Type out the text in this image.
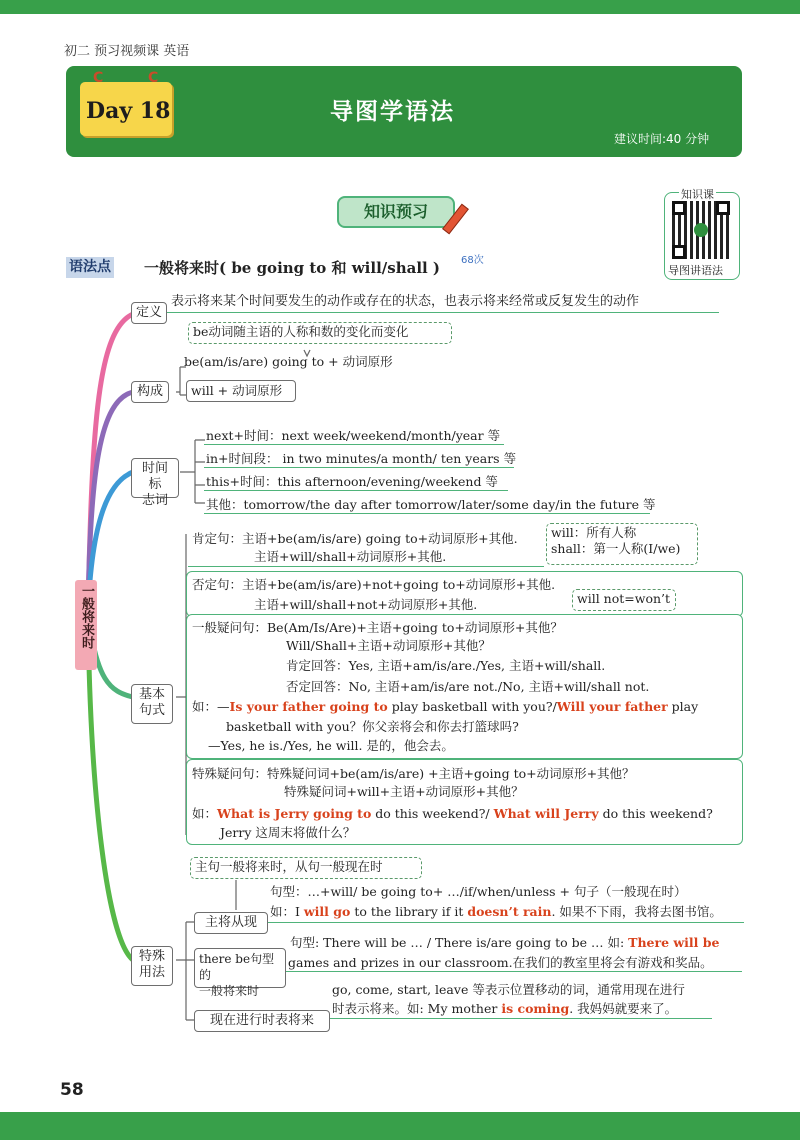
初二 预习视频课 英语
C	C
Day 18	导图学语法
建议时间:40 分钟
知识预习
知识课
导图讲语法
语法点 一般将来时( be going to 和 will/shall ) 68次
一般将来时
定义
表示将来某个时间要发生的动作或存在的状态，也表示将来经常或反复发生的动作
be动词随主语的人称和数的变化而变化
be(am/is/are) going to + 动词原形
构成	will + 动词原形
时间标
志词
next+时间：next week/weekend/month/year 等
in+时间段： in two minutes/a month/ ten years 等
this+时间：this afternoon/evening/weekend 等
其他：tomorrow/the day after tomorrow/later/some day/in the future 等
肯定句：主语+be(am/is/are) going to+动词原形+其他.
主语+will/shall+动词原形+其他.
will：所有人称
shall：第一人称(I/we)
否定句：主语+be(am/is/are)+not+going to+动词原形+其他.
主语+will/shall+not+动词原形+其他.	will not=won’t
一般疑问句：Be(Am/Is/Are)+主语+going to+动词原形+其他？
Will/Shall+主语+动词原形+其他？
肯定回答：Yes, 主语+am/is/are./Yes, 主语+will/shall.
否定回答：No, 主语+am/is/are not./No, 主语+will/shall not.
如：—Is your father going to play basketball with you?/Will your father play
basketball with you？你父亲将会和你去打篮球吗?
—Yes, he is./Yes, he will. 是的，他会去。
基本
句式
特殊疑问句：特殊疑问词+be(am/is/are) +主语+going to+动词原形+其他？
特殊疑问词+will+主语+动词原形+其他？
如：What is Jerry going to do this weekend?/ What will Jerry do this weekend?
Jerry 这周末将做什么？
特殊
用法
主句一般将来时，从句一般现在时
句型：…+will/ be going to+ …/if/when/unless + 句子（一般现在时）
主将从现
如：I will go to the library if it doesn’t rain. 如果不下雨，我将去图书馆。
there be句型的
一般将来时
句型: There will be … / There is/are going to be … 如: There will be
games and prizes in our classroom.在我们的教室里将会有游戏和奖品。
go, come, start, leave 等表示位置移动的词，通常用现在进行
时表示将来。如: My mother is coming. 我妈妈就要来了。
现在进行时表将来
58
